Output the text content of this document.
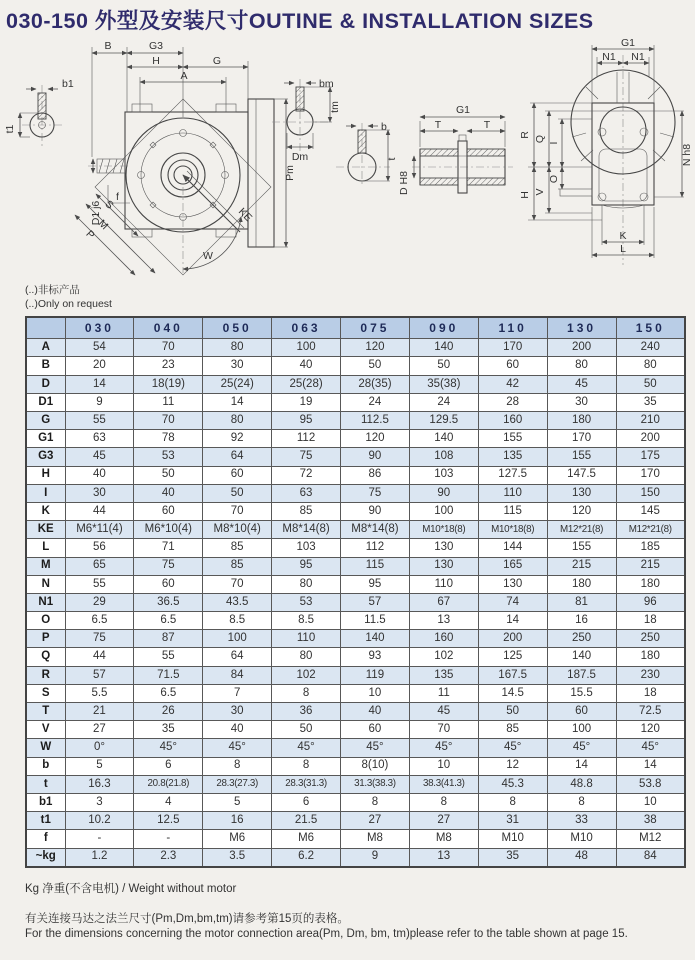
030-150 外型及安装尺寸OUTINE & INSTALLATION SIZES
b1
t1
D1 j6
f
Pm
B	G3
H	G
A
S
M
P
KE
W
bm
tm
Dm
b
t
G1
T	T
D H8
G1
N1 N1
R Q I
H V
O
N h8
K
L
(..)非标产品
(..)Only on request
	030	040	050	063	075	090	110	130	150
A	54	70	80	100	120	140	170	200	240
B	20	23	30	40	50	50	60	80	80
D	14	18(19)	25(24)	25(28)	28(35)	35(38)	42	45	50
D1	9	11	14	19	24	24	28	30	35
G	55	70	80	95	112.5	129.5	160	180	210
G1	63	78	92	112	120	140	155	170	200
G3	45	53	64	75	90	108	135	155	175
H	40	50	60	72	86	103	127.5	147.5	170
I	30	40	50	63	75	90	110	130	150
K	44	60	70	85	90	100	115	120	145
KE	M6*11(4)	M6*10(4)	M8*10(4)	M8*14(8)	M8*14(8)	M10*18(8)	M10*18(8)	M12*21(8)	M12*21(8)
L	56	71	85	103	112	130	144	155	185
M	65	75	85	95	115	130	165	215	215
N	55	60	70	80	95	110	130	180	180
N1	29	36.5	43.5	53	57	67	74	81	96
O	6.5	6.5	8.5	8.5	11.5	13	14	16	18
P	75	87	100	110	140	160	200	250	250
Q	44	55	64	80	93	102	125	140	180
R	57	71.5	84	102	119	135	167.5	187.5	230
S	5.5	6.5	7	8	10	11	14.5	15.5	18
T	21	26	30	36	40	45	50	60	72.5
V	27	35	40	50	60	70	85	100	120
W	0°	45°	45°	45°	45°	45°	45°	45°	45°
b	5	6	8	8	8(10)	10	12	14	14
t	16.3	20.8(21.8)	28.3(27.3)	28.3(31.3)	31.3(38.3)	38.3(41.3)	45.3	48.8	53.8
b1	3	4	5	6	8	8	8	8	10
t1	10.2	12.5	16	21.5	27	27	31	33	38
f	-	-	M6	M6	M8	M8	M10	M10	M12
~kg	1.2	2.3	3.5	6.2	9	13	35	48	84
Kg 净重(不含电机) / Weight without motor
有关连接马达之法兰尺寸(Pm,Dm,bm,tm)请参考第15页的表格。
For the dimensions concerning the motor connection area(Pm, Dm, bm, tm)please refer to the table shown at page 15.
